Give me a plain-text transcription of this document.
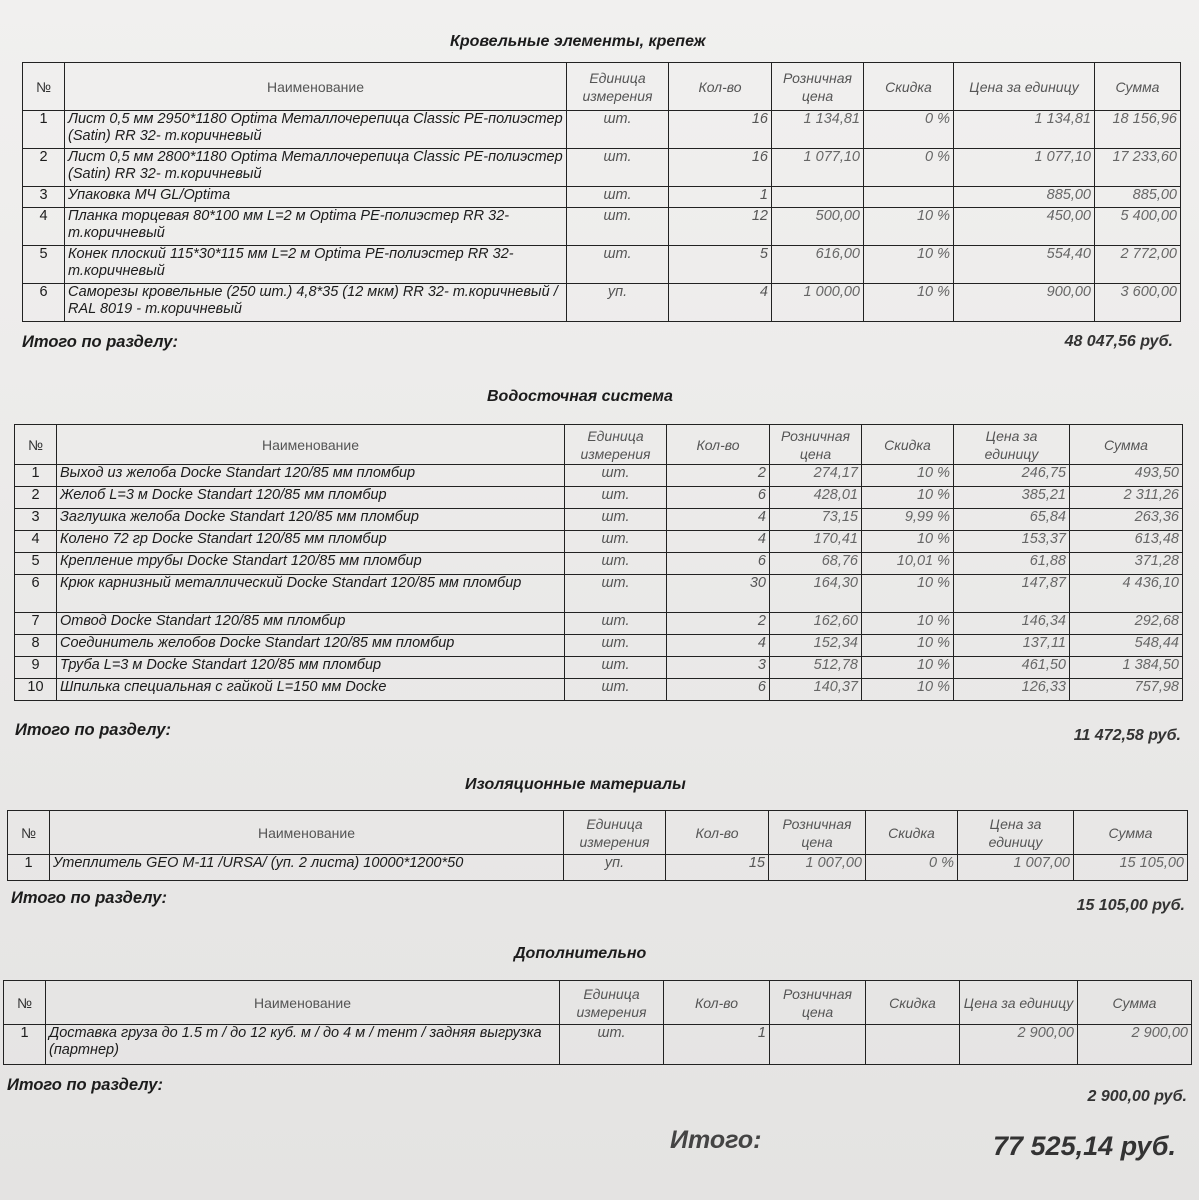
Кровельные элементы, крепеж
№	Наименование	Единица измерения	Кол-во	Розничная цена	Скидка	Цена за единицу	Сумма
1	Лист 0,5 мм 2950*1180 Optima Металлочерепица Classic PE-полиэстер (Satin) RR 32- т.коричневый	шт.	16	1 134,81	0 %	1 134,81	18 156,96
2	Лист 0,5 мм 2800*1180 Optima Металлочерепица Classic PE-полиэстер (Satin) RR 32- т.коричневый	шт.	16	1 077,10	0 %	1 077,10	17 233,60
3	Упаковка МЧ GL/Optima	шт.	1			885,00	885,00
4	Планка торцевая 80*100 мм L=2 м Optima PE-полиэстер RR 32- т.коричневый	шт.	12	500,00	10 %	450,00	5 400,00
5	Конек плоский 115*30*115 мм L=2 м Optima PE-полиэстер RR 32- т.коричневый	шт.	5	616,00	10 %	554,40	2 772,00
6	Саморезы кровельные (250 шт.) 4,8*35 (12 мкм) RR 32- т.коричневый / RAL 8019 - т.коричневый	уп.	4	1 000,00	10 %	900,00	3 600,00
Итого по разделу:	48 047,56 руб.
Водосточная система
№	Наименование	Единица измерения	Кол-во	Розничная цена	Скидка	Цена за единицу	Сумма
1	Выход из желоба Docke Standart 120/85 мм пломбир	шт.	2	274,17	10 %	246,75	493,50
2	Желоб L=3 м Docke Standart 120/85 мм пломбир	шт.	6	428,01	10 %	385,21	2 311,26
3	Заглушка желоба Docke Standart 120/85 мм пломбир	шт.	4	73,15	9,99 %	65,84	263,36
4	Колено 72 гр Docke Standart 120/85 мм пломбир	шт.	4	170,41	10 %	153,37	613,48
5	Крепление трубы Docke Standart 120/85 мм пломбир	шт.	6	68,76	10,01 %	61,88	371,28
6	Крюк карнизный металлический Docke Standart 120/85 мм пломбир	шт.	30	164,30	10 %	147,87	4 436,10
7	Отвод Docke Standart 120/85 мм пломбир	шт.	2	162,60	10 %	146,34	292,68
8	Соединитель желобов Docke Standart 120/85 мм пломбир	шт.	4	152,34	10 %	137,11	548,44
9	Труба L=3 м Docke Standart 120/85 мм пломбир	шт.	3	512,78	10 %	461,50	1 384,50
10	Шпилька специальная с гайкой L=150 мм Docke	шт.	6	140,37	10 %	126,33	757,98
Итого по разделу:	11 472,58 руб.
Изоляционные материалы
№	Наименование	Единица измерения	Кол-во	Розничная цена	Скидка	Цена за единицу	Сумма
1	Утеплитель GEO M-11 /URSA/ (уп. 2 листа) 10000*1200*50	уп.	15	1 007,00	0 %	1 007,00	15 105,00
Итого по разделу:	15 105,00 руб.
Дополнительно
№	Наименование	Единица измерения	Кол-во	Розничная цена	Скидка	Цена за единицу	Сумма
1	Доставка груза до 1.5 т / до 12 куб. м / до 4 м / тент / задняя выгрузка (партнер)	шт.	1			2 900,00	2 900,00
Итого по разделу:
2 900,00 руб.
Итого:	77 525,14 руб.
